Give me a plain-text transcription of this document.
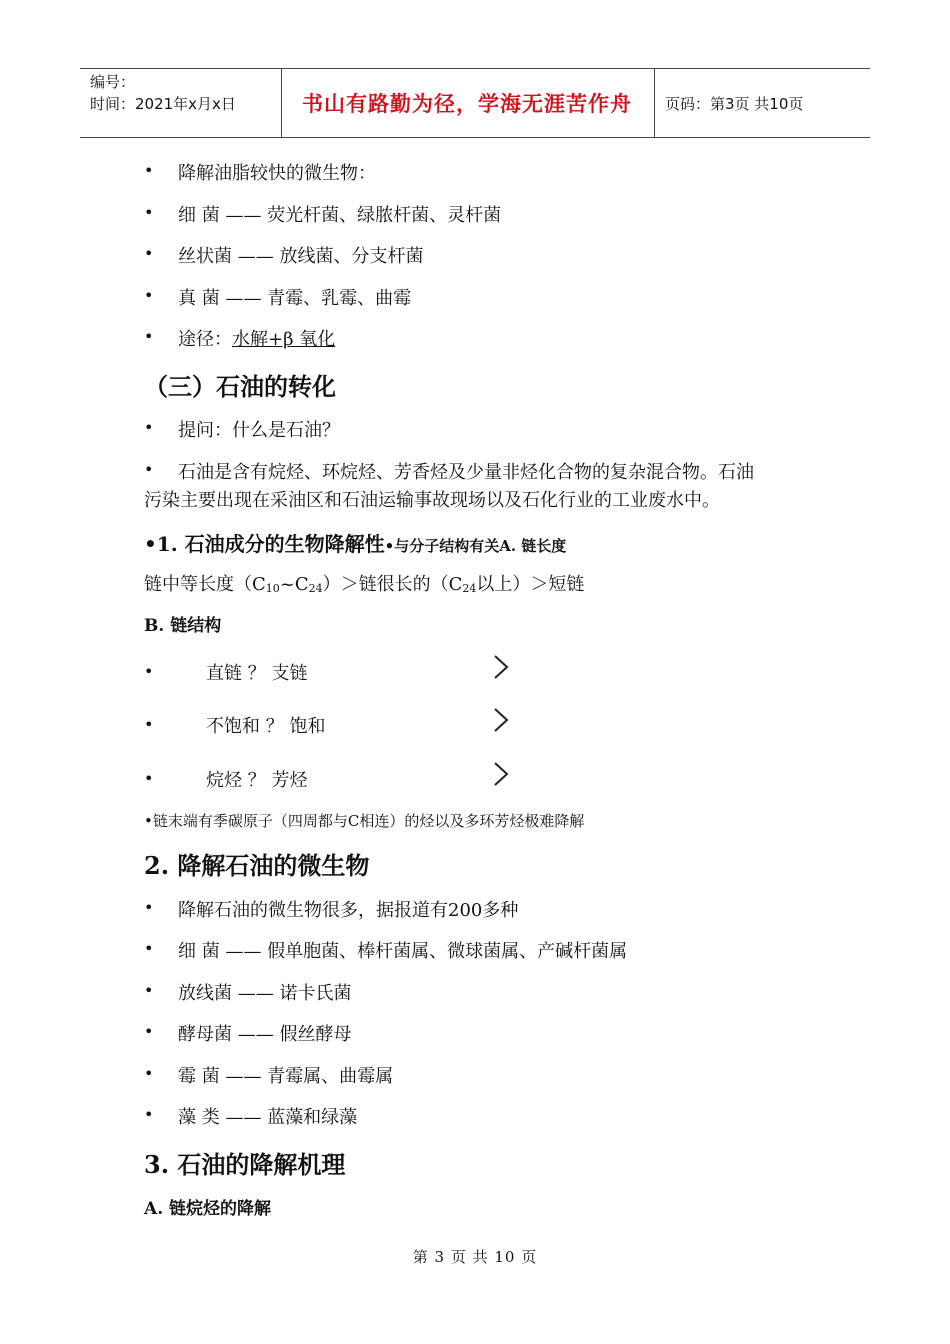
编号：
时间：2021年x月x日	书山有路勤为径，学海无涯苦作舟	页码：第3页 共10页
• 降解油脂较快的微生物：
• 细 菌 —— 荧光杆菌、绿脓杆菌、灵杆菌
• 丝状菌 —— 放线菌、分支杆菌
• 真 菌 —— 青霉、乳霉、曲霉
• 途径：水解+β 氧化
（三）石油的转化
• 提问：什么是石油？
• 石油是含有烷烃、环烷烃、芳香烃及少量非烃化合物的复杂混合物。石油
污染主要出现在采油区和石油运输事故现场以及石化行业的工业废水中。
•1. 石油成分的生物降解性•与分子结构有关A. 链长度
链中等长度$(C_{10}\sim C_{24})>$链很长的（$C_{24}$以上）＞短链
B. 链结构
•	直链 ？ 支链
•	不饱和 ？ 饱和
•	烷烃 ？ 芳烃
•链末端有季碳原子（四周都与C相连）的烃以及多环芳烃极难降解
2. 降解石油的微生物
• 降解石油的微生物很多，据报道有200多种
• 细 菌 —— 假单胞菌、棒杆菌属、微球菌属、产碱杆菌属
• 放线菌 —— 诺卡氏菌
• 酵母菌 —— 假丝酵母
• 霉 菌 —— 青霉属、曲霉属
• 藻 类 —— 蓝藻和绿藻
3. 石油的降解机理
A. 链烷烃的降解
第 3 页 共 10 页
